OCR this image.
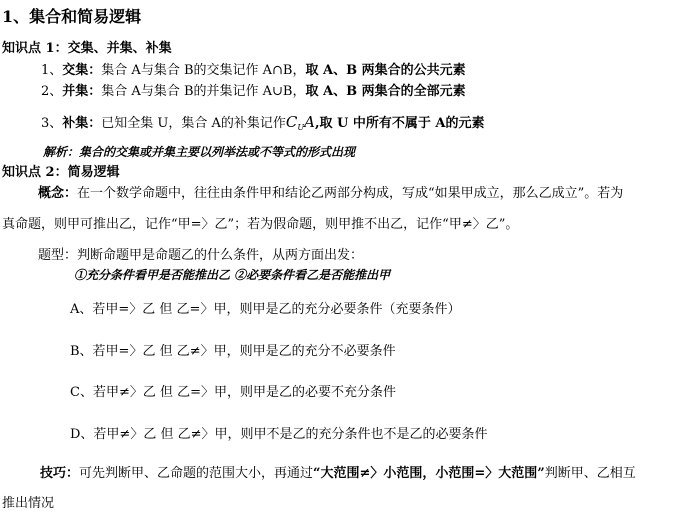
1、集合和简易逻辑
知识点 1：交集、并集、补集
1、交集：集合 A与集合 B的交集记作 A∩B，取 A、B 两集合的公共元素
2、并集：集合 A与集合 B的并集记作 A∪B，取 A、B 两集合的全部元素
3、补集：已知全集 U，集合 A的补集记作$C_UA$,取 U 中所有不属于 A的元素
解析：集合的交集或并集主要以列举法或不等式的形式出现
知识点 2：简易逻辑
概念：在一个数学命题中，往往由条件甲和结论乙两部分构成，写成“如果甲成立，那么乙成立”。若为
真命题，则甲可推出乙，记作“甲=〉乙”；若为假命题，则甲推不出乙，记作“甲≠〉乙”。
题型：判断命题甲是命题乙的什么条件，从两方面出发：
①充分条件看甲是否能推出乙 ②必要条件看乙是否能推出甲
A、若甲=〉乙 但 乙=〉甲，则甲是乙的充分必要条件（充要条件）
B、若甲=〉乙 但 乙≠〉甲，则甲是乙的充分不必要条件
C、若甲≠〉乙 但 乙=〉甲，则甲是乙的必要不充分条件
D、若甲≠〉乙 但 乙≠〉甲，则甲不是乙的充分条件也不是乙的必要条件
技巧：可先判断甲、乙命题的范围大小，再通过“大范围≠〉小范围，小范围=〉大范围”判断甲、乙相互
推出情况
